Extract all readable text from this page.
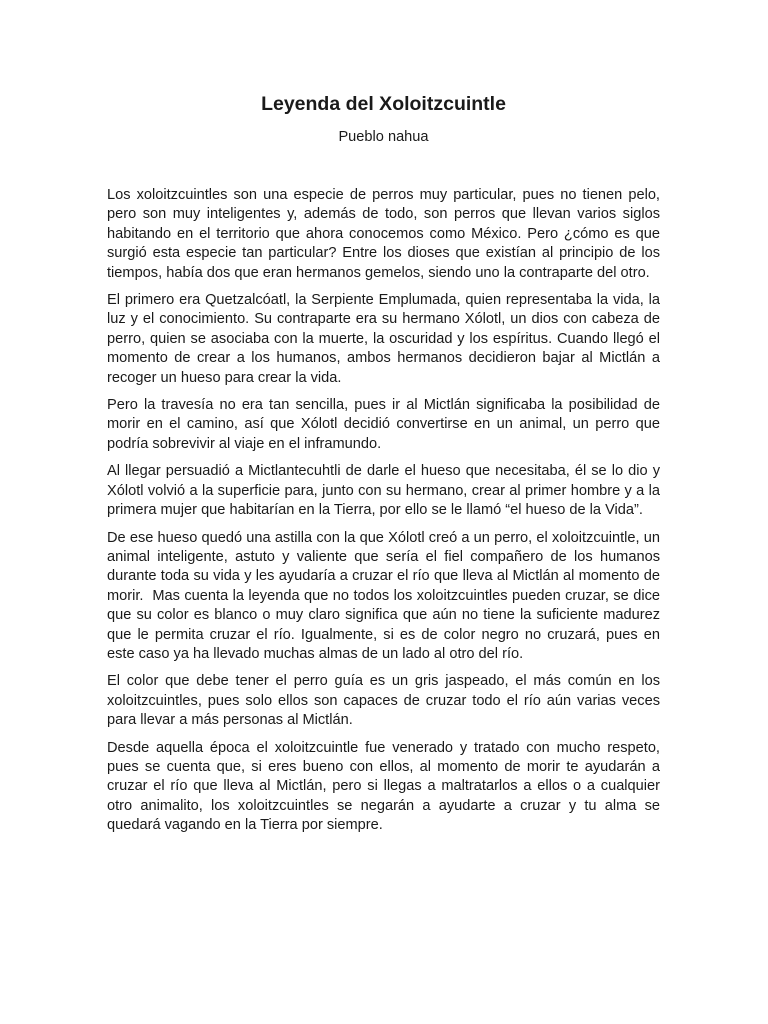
Leyenda del Xoloitzcuintle

Pueblo nahua

Los xoloitzcuintles son una especie de perros muy particular, pues no tienen pelo, pero son muy inteligentes y, además de todo, son perros que llevan varios siglos habitando en el territorio que ahora conocemos como México. Pero ¿cómo es que surgió esta especie tan particular? Entre los dioses que existían al principio de los tiempos, había dos que eran hermanos gemelos, siendo uno la contraparte del otro.

El primero era Quetzalcóatl, la Serpiente Emplumada, quien representaba la vida, la luz y el conocimiento. Su contraparte era su hermano Xólotl, un dios con cabeza de perro, quien se asociaba con la muerte, la oscuridad y los espíritus. Cuando llegó el momento de crear a los humanos, ambos hermanos decidieron bajar al Mictlán a recoger un hueso para crear la vida.

Pero la travesía no era tan sencilla, pues ir al Mictlán significaba la posibilidad de morir en el camino, así que Xólotl decidió convertirse en un animal, un perro que podría sobrevivir al viaje en el inframundo.

Al llegar persuadió a Mictlantecuhtli de darle el hueso que necesitaba, él se lo dio y Xólotl volvió a la superficie para, junto con su hermano, crear al primer hombre y a la primera mujer que habitarían en la Tierra, por ello se le llamó “el hueso de la Vida”.

De ese hueso quedó una astilla con la que Xólotl creó a un perro, el xoloitzcuintle, un animal inteligente, astuto y valiente que sería el fiel compañero de los humanos durante toda su vida y les ayudaría a cruzar el río que lleva al Mictlán al momento de morir.  Mas cuenta la leyenda que no todos los xoloitzcuintles pueden cruzar, se dice que su color es blanco o muy claro significa que aún no tiene la suficiente madurez que le permita cruzar el río. Igualmente, si es de color negro no cruzará, pues en este caso ya ha llevado muchas almas de un lado al otro del río.

El color que debe tener el perro guía es un gris jaspeado, el más común en los xoloitzcuintles, pues solo ellos son capaces de cruzar todo el río aún varias veces para llevar a más personas al Mictlán.

Desde aquella época el xoloitzcuintle fue venerado y tratado con mucho respeto, pues se cuenta que, si eres bueno con ellos, al momento de morir te ayudarán a cruzar el río que lleva al Mictlán, pero si llegas a maltratarlos a ellos o a cualquier otro animalito, los xoloitzcuintles se negarán a ayudarte a cruzar y tu alma se quedará vagando en la Tierra por siempre.
